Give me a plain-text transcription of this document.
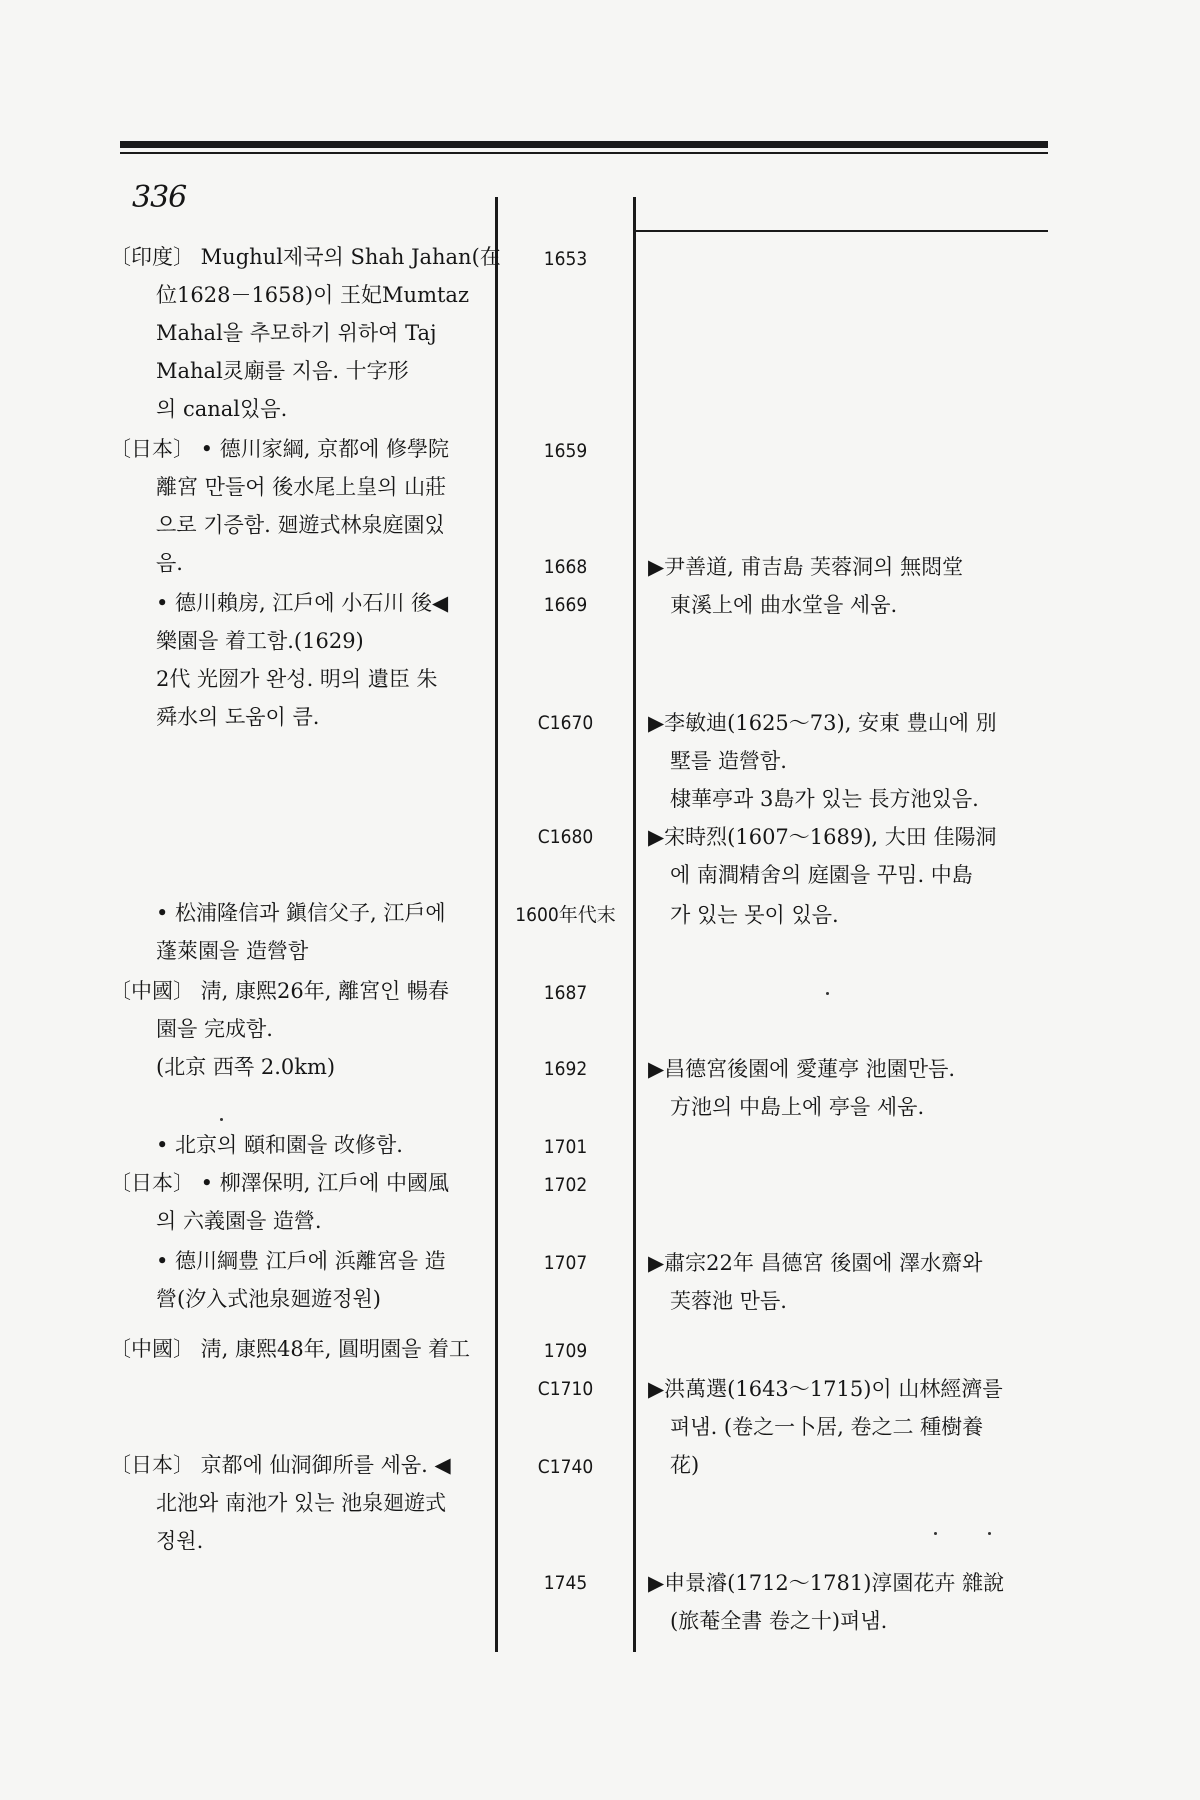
336
〔印度〕 Mughul제국의 Shah Jahan(在
位1628－1658)이 王妃Mumtaz
Mahal을 추모하기 위하여 Taj
Mahal灵廟를 지음. 十字形
의 canal있음.
〔日本〕 • 德川家綱, 京都에 修學院
離宮 만들어 後水尾上皇의 山莊
으로 기증함. 廻遊式林泉庭園있
음.
• 德川賴房, 江戶에 小石川 後◀
樂園을 着工함.(1629)
2代 光圀가 완성. 明의 遺臣 朱
舜水의 도움이 큼.
• 松浦隆信과 鎭信父子, 江戶에
蓬萊園을 造營함
〔中國〕 淸, 康熙26年, 離宮인 暢春
園을 完成함.
(北京 西쪽 2.0km)
• 北京의 頤和園을 改修함.
〔日本〕 • 柳澤保明, 江戶에 中國風
의 六義園을 造營.
• 德川綱豊 江戶에 浜離宮을 造
營(汐入式池泉廻遊정원)
〔中國〕 淸, 康熙48年, 圓明園을 着工
〔日本〕 京都에 仙洞御所를 세움. ◀
北池와 南池가 있는 池泉廻遊式
정원.
1653
1659
1668
1669
C1670
C1680
1600年代末
1687
1692
1701
1702
1707
1709
C1710
C1740
1745
▶尹善道, 甫吉島 芙蓉洞의 無悶堂
東溪上에 曲水堂을 세움.
▶李敏迪(1625～73), 安東 豊山에 別
墅를 造營함.
棣華亭과 3島가 있는 長方池있음.
▶宋時烈(1607～1689), 大田 佳陽洞
에 南澗精舍의 庭園을 꾸밈. 中島
가 있는 못이 있음.
▶昌德宮後園에 愛蓮亭 池園만듬.
方池의 中島上에 亭을 세움.
▶肅宗22年 昌德宮 後園에 澤水齋와
芙蓉池 만듬.
▶洪萬選(1643～1715)이 山林經濟를
펴냄. (卷之一卜居, 卷之二 種樹養
花)
▶申景濬(1712～1781)淳園花卉 雜說
(旅菴全書 卷之十)펴냄.
